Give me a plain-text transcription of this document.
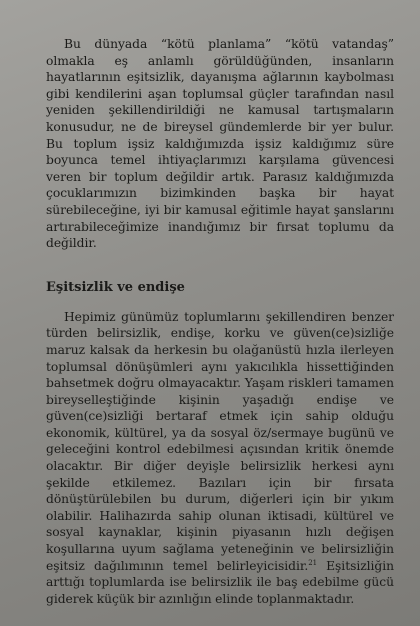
Bu dünyada “kötü planlama” “kötü vatandaş” olmakla eş anlamlı görüldüğünden, insanların hayatlarının eşitsizlik, dayanışma ağlarının kaybolması gibi kendilerini aşan toplumsal güçler tarafından nasıl yeniden şekillendirildiği ne kamusal tartışmaların konusudur, ne de bireysel gündemlerde bir yer bulur. Bu toplum işsiz kaldığımızda işsiz kaldığımız süre boyunca temel ihtiyaçlarımızı karşılama güvencesi veren bir toplum değildir artık. Parasız kaldığımızda çocuklarımızın bizimkinden başka bir hayat sürebileceğine, iyi bir kamusal eğitimle hayat şanslarını artırabileceğimize inandığımız bir fırsat toplumu da değildir.

Eşitsizlik ve endişe

Hepimiz günümüz toplumlarını şekillendiren benzer türden belirsizlik, endişe, korku ve güven(ce)sizliğe maruz kalsak da herkesin bu olağanüstü hızla ilerleyen toplumsal dönüşümleri aynı yakıcılıkla hissettiğinden bahsetmek doğru olmayacaktır. Yaşam riskleri tamamen bireyselleştiğinde kişinin yaşadığı endişe ve güven(ce)sizliği bertaraf etmek için sahip olduğu ekonomik, kültürel, ya da sosyal öz/sermaye bugünü ve geleceğini kontrol edebilmesi açısından kritik önemde olacaktır. Bir diğer deyişle belirsizlik herkesi aynı şekilde etkilemez. Bazıları için bir fırsata dönüştürülebilen bu durum, diğerleri için bir yıkım olabilir. Halihazırda sahip olunan iktisadi, kültürel ve sosyal kaynaklar, kişinin piyasanın hızlı değişen koşullarına uyum sağlama yeteneğinin ve belirsizliğin eşitsiz dağılımının temel belirleyicisidir.$^{21}$ Eşitsizliğin arttığı toplumlarda ise belirsizlik ile baş edebilme gücü giderek küçük bir azınlığın elinde toplanmaktadır.
